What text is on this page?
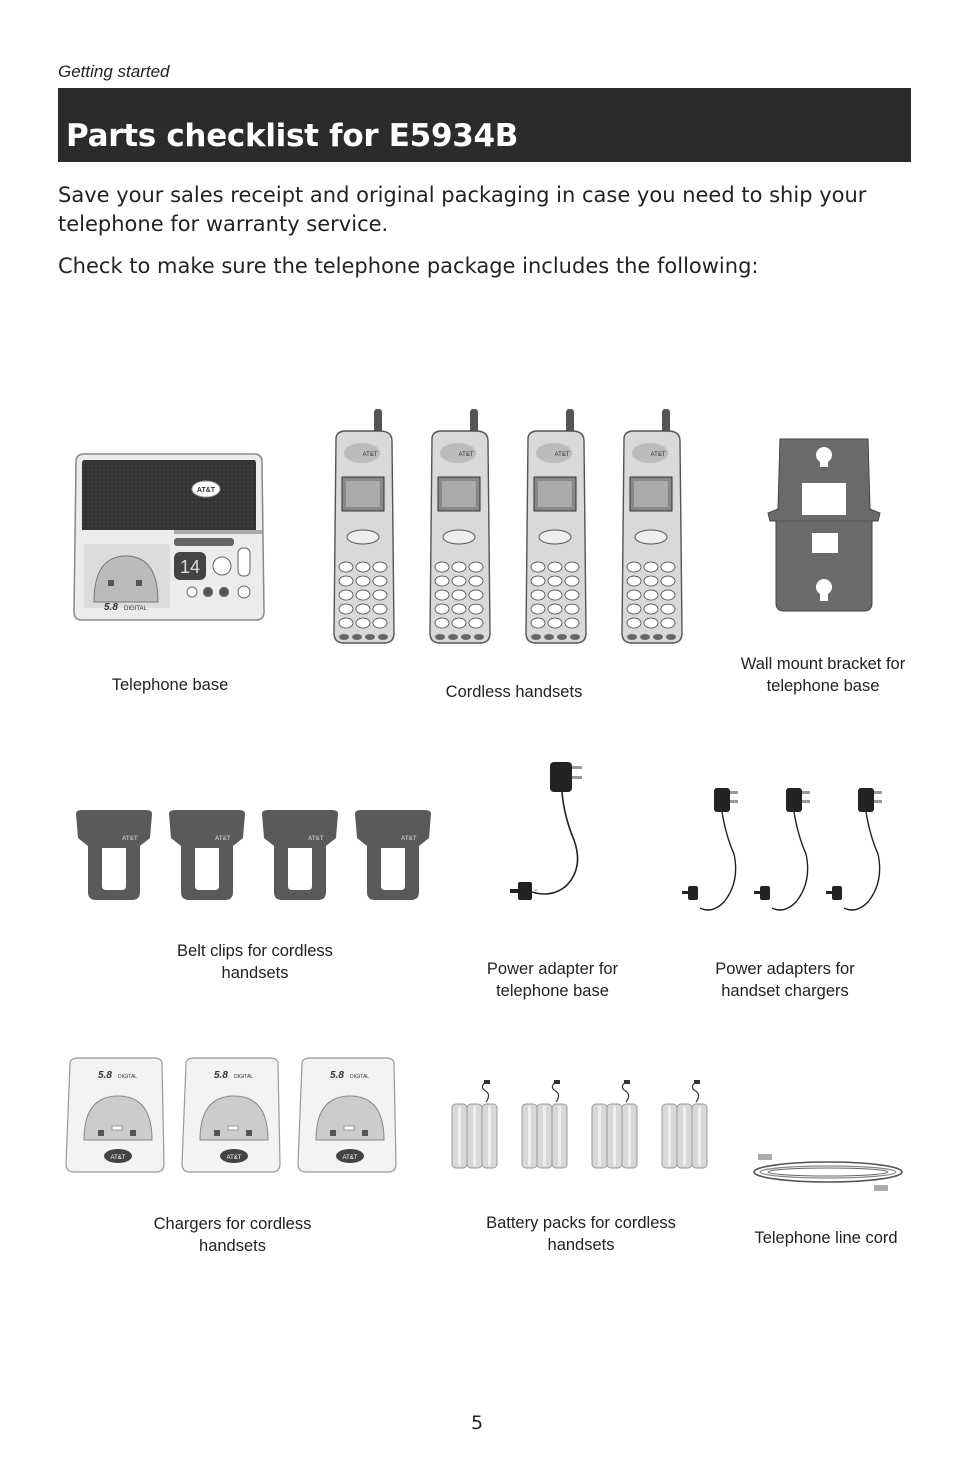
Getting started
Parts checklist for E5934B
Save your sales receipt and original packaging in case you need to ship your telephone for warranty service.
Check to make sure the telephone package includes the following:
AT&T
14
5.8 DIGITAL
Telephone base
AT&T	AT&T	AT&T	AT&T
Cordless handsets
Wall mount bracket for telephone base
AT&T	AT&T	AT&T	AT&T
Belt clips for cordless handsets	Power adapter for telephone base
Power adapters for handset chargers
5.8 DIGITAL
AT&T
5.8 DIGITAL
AT&T
5.8 DIGITAL
AT&T
Chargers for cordless handsets
Battery packs for cordless handsets	Telephone line cord
5
